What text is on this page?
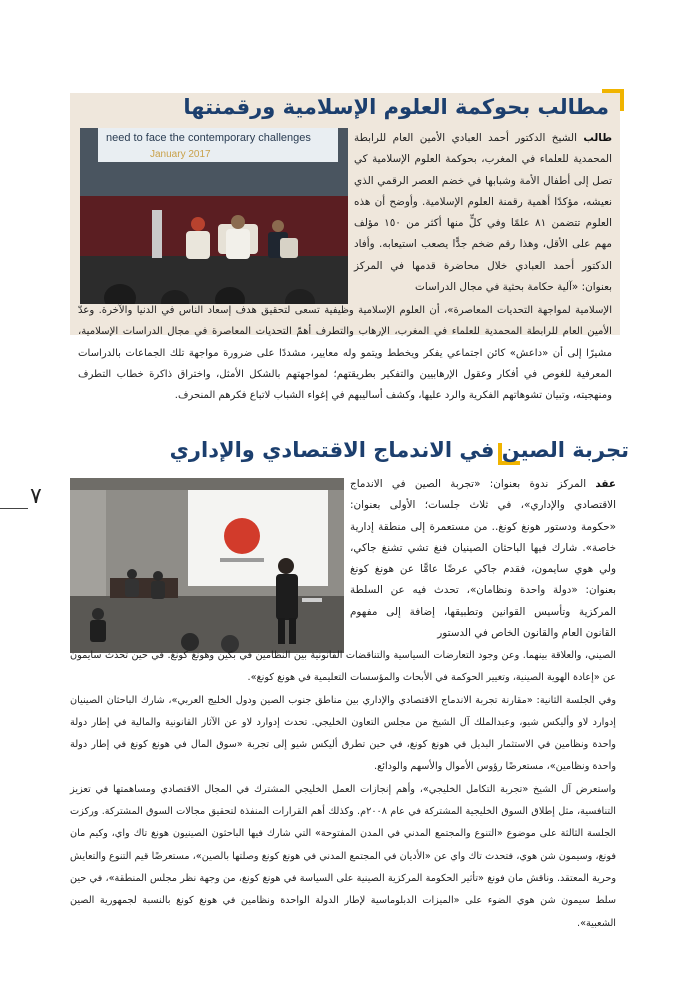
٧
مطالب بحوكمة العلوم الإسلامية ورقمنتها
need to face the contemporary challenges
January 2017

طالب الشيخ الدكتور أحمد العبادي الأمين العام للرابطة المحمدية للعلماء في المغرب، بحوكمة العلوم الإسلامية كي تصل إلى أطفال الأمة وشبابها في خضم العصر الرقمي الذي نعيشه، مؤكدًا أهمية رقمنة العلوم الإسلامية. وأوضح أن هذه العلوم تتضمن ٨١ علمًا وفي كلٍّ منها أكثر من ١٥٠ مؤلف مهم على الأقل، وهذا رقم ضخم جدًّا يصعب استيعابه. وأفاد الدكتور أحمد العبادي خلال محاضرة قدمها في المركز بعنوان: «آلية حكامة بحثية في مجال الدراسات

الإسلامية لمواجهة التحديات المعاصرة»، أن العلوم الإسلامية وظيفية تسعى لتحقيق هدف إسعاد الناس في الدنيا والآخرة. وعدّ الأمين العام للرابطة المحمدية للعلماء في المغرب، الإرهاب والتطرف أهمّ التحديات المعاصرة في مجال الدراسات الإسلامية، مشيرًا إلى أن «داعش» كائن اجتماعي يفكر ويخطط ويتمو وله معايير، مشددًا على ضرورة مواجهة تلك الجماعات بالدراسات المعرفية للغوص في أفكار وعقول الإرهابيين والتفكير بطريقتهم؛ لمواجهتهم بالشكل الأمثل، واختراق ذاكرة خطاب التطرف ومنهجيته، وتبيان تشوهاتهم الفكرية والرد عليها، وكشف أساليبهم في إغواء الشباب لاتباع فكرهم المنحرف.

تجربة الصين في الاندماج الاقتصادي والإداري

عقد المركز ندوة بعنوان: «تجربة الصين في الاندماج الاقتصادي والإداري»، في ثلاث جلسات؛ الأولى بعنوان: «حكومة ودستور هونغ كونغ.. من مستعمرة إلى منطقة إدارية خاصة». شارك فيها الباحثان الصينيان فنغ تشي تشنغ جاكي، ولي هوي سايمون، فقدم جاكي عرضًا عامًّا عن هونغ كونغ بعنوان: «دولة واحدة ونظامان»، تحدث فيه عن السلطة المركزية وتأسيس القوانين وتطبيقها، إضافة إلى مفهوم القانون العام والقانون الخاص في الدستور

الصيني، والعلاقة بينهما. وعن وجود التعارضات السياسية والتناقضات القانونية بين النظامين في بكين وهونغ كونغ. في حين تحدث سايمون عن «إعادة الهوية الصينية، وتغيير الحوكمة في الأبحاث والمؤسسات التعليمية في هونغ كونغ».

وفي الجلسة الثانية: «مقارنة تجربة الاندماج الاقتصادي والإداري بين مناطق جنوب الصين ودول الخليج العربي»، شارك الباحثان الصينيان إدوارد لاو وأليكس شيو، وعبدالملك آل الشيخ من مجلس التعاون الخليجي. تحدث إدوارد لاو عن الآثار القانونية والمالية في إطار دولة واحدة ونظامين في الاستثمار البديل في هونغ كونغ، في حين تطرق أليكس شيو إلى تجربة «سوق المال في هونغ كونغ في إطار دولة واحدة ونظامين»، مستعرضًا رؤوس الأموال والأسهم والودائع.

واستعرض آل الشيخ «تجربة التكامل الخليجي»، وأهم إنجازات العمل الخليجي المشترك في المجال الاقتصادي ومساهمتها في تعزيز التنافسية، مثل إطلاق السوق الخليجية المشتركة في عام ٢٠٠٨م. وكذلك أهم القرارات المنفذة لتحقيق مجالات السوق المشتركة. وركزت الجلسة الثالثة على موضوع «التنوع والمجتمع المدني في المدن المفتوحة» التي شارك فيها الباحثون الصينيون هونغ تاك واي، وكيم مان فونغ، وسيمون شن هوي، فتحدث تاك واي عن «الأديان في المجتمع المدني في هونغ كونغ وصلتها بالصين»، مستعرضًا قيم التنوع والتعايش وحرية المعتقد. وناقش مان فونغ «تأثير الحكومة المركزية الصينية على السياسة في هونغ كونغ، من وجهة نظر مجلس المنطقة»، في حين سلط سيمون شن هوي الضوء على «الميزات الدبلوماسية لإطار الدولة الواحدة ونظامين في هونغ كونغ بالنسبة لجمهورية الصين الشعبية».
